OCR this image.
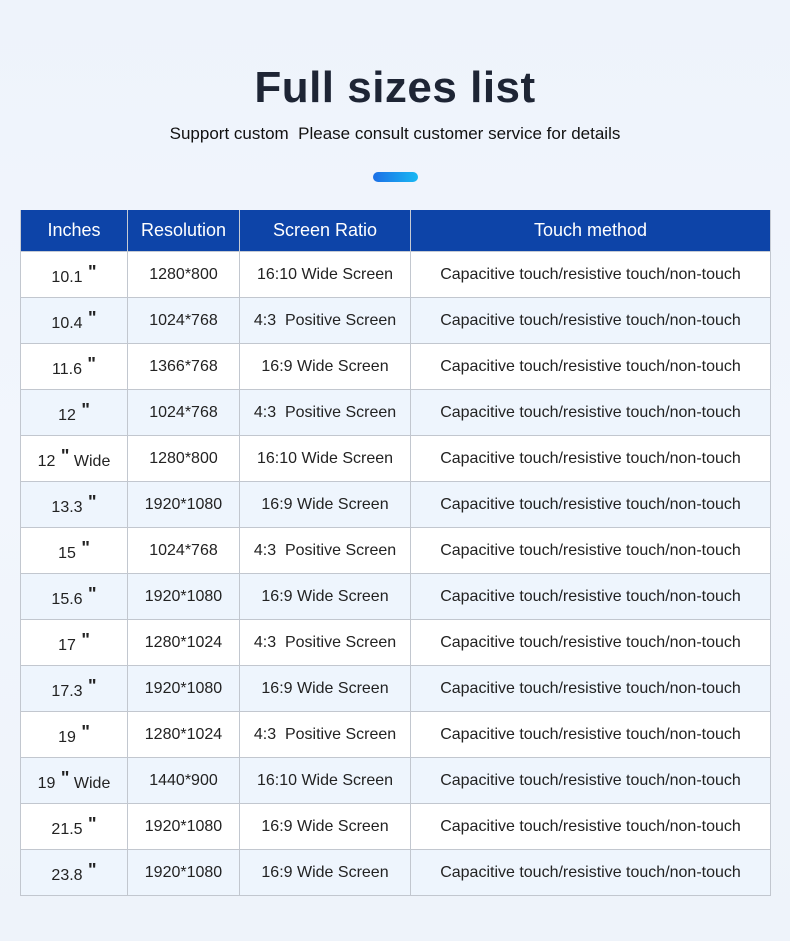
Full sizes list
Support custom  Please consult customer service for details
Inches	Resolution	Screen Ratio	Touch method
10.1 "	1280*800	16:10 Wide Screen	Capacitive touch/resistive touch/non-touch
10.4 "	1024*768	4:3  Positive Screen	Capacitive touch/resistive touch/non-touch
11.6 "	1366*768	16:9 Wide Screen	Capacitive touch/resistive touch/non-touch
12 "	1024*768	4:3  Positive Screen	Capacitive touch/resistive touch/non-touch
12 " Wide	1280*800	16:10 Wide Screen	Capacitive touch/resistive touch/non-touch
13.3 "	1920*1080	16:9 Wide Screen	Capacitive touch/resistive touch/non-touch
15 "	1024*768	4:3  Positive Screen	Capacitive touch/resistive touch/non-touch
15.6 "	1920*1080	16:9 Wide Screen	Capacitive touch/resistive touch/non-touch
17 "	1280*1024	4:3  Positive Screen	Capacitive touch/resistive touch/non-touch
17.3 "	1920*1080	16:9 Wide Screen	Capacitive touch/resistive touch/non-touch
19 "	1280*1024	4:3  Positive Screen	Capacitive touch/resistive touch/non-touch
19 " Wide	1440*900	16:10 Wide Screen	Capacitive touch/resistive touch/non-touch
21.5 "	1920*1080	16:9 Wide Screen	Capacitive touch/resistive touch/non-touch
23.8 "	1920*1080	16:9 Wide Screen	Capacitive touch/resistive touch/non-touch
